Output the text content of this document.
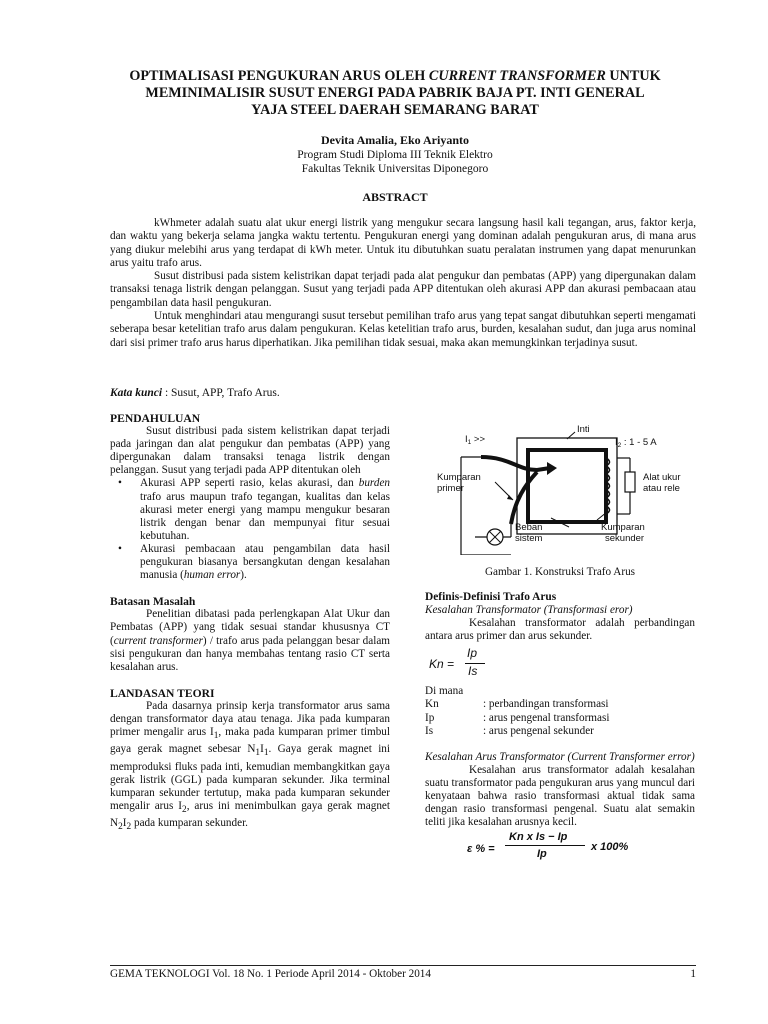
OPTIMALISASI PENGUKURAN ARUS OLEH CURRENT TRANSFORMER UNTUK
MEMINIMALISIR SUSUT ENERGI PADA PABRIK BAJA PT. INTI GENERAL
YAJA STEEL DAERAH SEMARANG BARAT
Devita Amalia, Eko Ariyanto
Program Studi Diploma III Teknik Elektro
Fakultas Teknik Universitas Diponegoro
ABSTRACT

kWhmeter adalah suatu alat ukur energi listrik yang mengukur secara langsung hasil kali tegangan, arus, faktor kerja, dan waktu yang bekerja selama jangka waktu tertentu. Pengukuran energi yang dominan adalah pengukuran arus, di mana arus yang diukur melebihi arus yang terdapat di kWh meter. Untuk itu dibutuhkan suatu peralatan instrumen yang dapat menurunkan arus yaitu trafo arus.

Susut distribusi pada sistem kelistrikan dapat terjadi pada alat pengukur dan pembatas (APP) yang dipergunakan dalam transaksi tenaga listrik dengan pelanggan. Susut yang terjadi pada APP ditentukan oleh akurasi APP dan akurasi pembacaan atau pengambilan data hasil pengukuran.

Untuk menghindari atau mengurangi susut tersebut pemilihan trafo arus yang tepat sangat dibutuhkan seperti mengamati seberapa besar ketelitian trafo arus dalam pengukuran. Kelas ketelitian trafo arus, burden, kesalahan sudut, dan juga arus nominal dari sisi primer trafo arus harus diperhatikan. Jika pemilihan tidak sesuai, maka akan memungkinkan terjadinya susut.

Kata kunci : Susut, APP, Trafo Arus.
PENDAHULUAN

Susut distribusi pada sistem kelistrikan dapat terjadi pada jaringan dan alat pengukur dan pembatas (APP) yang dipergunakan dalam transaksi tenaga listrik dengan pelanggan. Susut yang terjadi pada APP ditentukan oleh

• Akurasi APP seperti rasio, kelas akurasi, dan burden trafo arus maupun trafo tegangan, kualitas dan kelas akurasi meter energi yang mampu mengukur besaran listrik dengan benar dan mempunyai fitur sesuai kebutuhan.
• Akurasi pembacaan atau pengambilan data hasil pengukuran biasanya bersangkutan dengan kesalahan manusia (human error).
Batasan Masalah

Penelitian dibatasi pada perlengkapan Alat Ukur dan Pembatas (APP) yang tidak sesuai standar khususnya CT (current transformer) / trafo arus pada pelanggan besar dalam sisi pengukuran dan hanya membahas tentang rasio CT serta kesalahan arus.

LANDASAN TEORI

Pada dasarnya prinsip kerja transformator arus sama dengan transformator daya atau tenaga. Jika pada kumparan primer mengalir arus $I_1$, maka pada kumparan primer timbul gaya gerak magnet sebesar $N_1I_1$. Gaya gerak magnet ini memproduksi fluks pada inti, kemudian membangkitkan gaya gerak listrik (GGL) pada kumparan sekunder. Jika terminal kumparan sekunder tertutup, maka pada kumparan sekunder mengalir arus $I_2$, arus ini menimbulkan gaya gerak magnet $N_2I_2$ pada kumparan sekunder.

$I_1$ >>
Inti
$I_2$ : 1 - 5 A
Kumparan
primer
Alat ukur
atau rele
Beban
sistem
Kumparan
sekunder
Gambar 1. Konstruksi Trafo Arus
Definis-Definisi Trafo Arus
Kesalahan Transformator (Transformasi eror)

Kesalahan transformator adalah perbandingan antara arus primer dan arus sekunder.

Kn =
Ip
Is
Di mana
Kn	: perbandingan transformasi
Ip	: arus pengenal transformasi
Is	: arus pengenal sekunder
Kesalahan Arus Transformator (Current Transformer error)

Kesalahan arus transformator adalah kesalahan suatu transformator pada pengukuran arus yang muncul dari kenyataan bahwa rasio transformasi aktual tidak sama dengan rasio transformasi pengenal. Suatu alat semakin teliti jika kesalahan arusnya kecil.

ε % =
Kn x Is − Ip
Ip
x 100%
GEMA TEKNOLOGI Vol. 18 No. 1 Periode April 2014 - Oktober 2014	1
